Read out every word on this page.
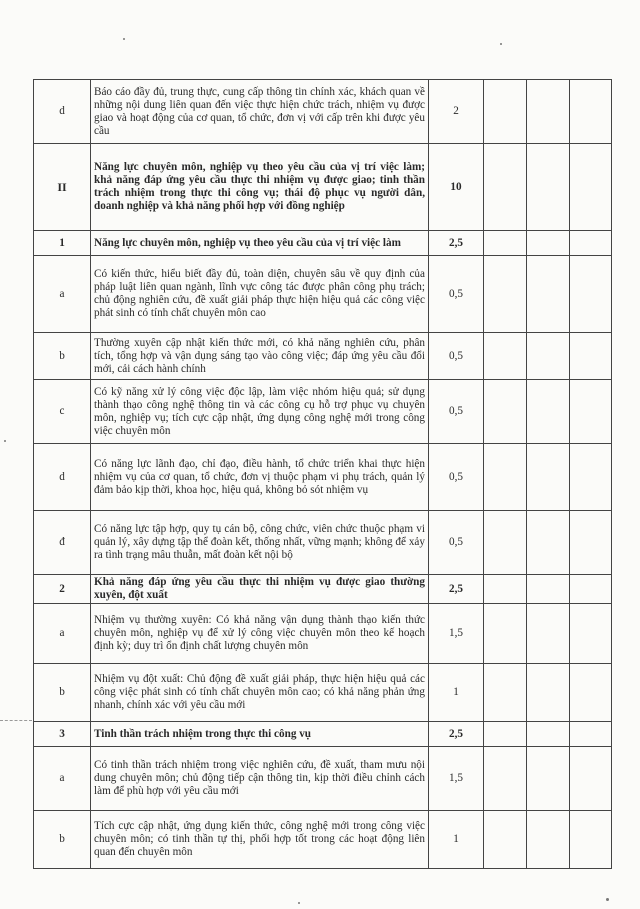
d	Báo cáo đầy đủ, trung thực, cung cấp thông tin chính xác, khách quan về những nội dung liên quan đến việc thực hiện chức trách, nhiệm vụ được giao và hoạt động của cơ quan, tổ chức, đơn vị với cấp trên khi được yêu cầu	2			
II	Năng lực chuyên môn, nghiệp vụ theo yêu cầu của vị trí việc làm; khả năng đáp ứng yêu cầu thực thi nhiệm vụ được giao; tinh thần trách nhiệm trong thực thi công vụ; thái độ phục vụ người dân, doanh nghiệp và khả năng phối hợp với đồng nghiệp	10			
1	Năng lực chuyên môn, nghiệp vụ theo yêu cầu của vị trí việc làm	2,5			
a	Có kiến thức, hiểu biết đầy đủ, toàn diện, chuyên sâu về quy định của pháp luật liên quan ngành, lĩnh vực công tác được phân công phụ trách; chủ động nghiên cứu, đề xuất giải pháp thực hiện hiệu quả các công việc phát sinh có tính chất chuyên môn cao	0,5			
b	Thường xuyên cập nhật kiến thức mới, có khả năng nghiên cứu, phân tích, tổng hợp và vận dụng sáng tạo vào công việc; đáp ứng yêu cầu đổi mới, cải cách hành chính	0,5			
c	Có kỹ năng xử lý công việc độc lập, làm việc nhóm hiệu quả; sử dụng thành thạo công nghệ thông tin và các công cụ hỗ trợ phục vụ chuyên môn, nghiệp vụ; tích cực cập nhật, ứng dụng công nghệ mới trong công việc chuyên môn	0,5			
d	Có năng lực lãnh đạo, chỉ đạo, điều hành, tổ chức triển khai thực hiện nhiệm vụ của cơ quan, tổ chức, đơn vị thuộc phạm vi phụ trách, quản lý đảm bảo kịp thời, khoa học, hiệu quả, không bỏ sót nhiệm vụ	0,5			
đ	Có năng lực tập hợp, quy tụ cán bộ, công chức, viên chức thuộc phạm vi quản lý, xây dựng tập thể đoàn kết, thống nhất, vững mạnh; không để xảy ra tình trạng mâu thuẫn, mất đoàn kết nội bộ	0,5			
2	Khả năng đáp ứng yêu cầu thực thi nhiệm vụ được giao thường xuyên, đột xuất	2,5			
a	Nhiệm vụ thường xuyên: Có khả năng vận dụng thành thạo kiến thức chuyên môn, nghiệp vụ để xử lý công việc chuyên môn theo kế hoạch định kỳ; duy trì ổn định chất lượng chuyên môn	1,5			
b	Nhiệm vụ đột xuất: Chủ động đề xuất giải pháp, thực hiện hiệu quả các công việc phát sinh có tính chất chuyên môn cao; có khả năng phản ứng nhanh, chính xác với yêu cầu mới	1			
3	Tinh thần trách nhiệm trong thực thi công vụ	2,5			
a	Có tinh thần trách nhiệm trong việc nghiên cứu, đề xuất, tham mưu nội dung chuyên môn; chủ động tiếp cận thông tin, kịp thời điều chỉnh cách làm để phù hợp với yêu cầu mới	1,5			
b	Tích cực cập nhật, ứng dụng kiến thức, công nghệ mới trong công việc chuyên môn; có tinh thần tự thị, phối hợp tốt trong các hoạt động liên quan đến chuyên môn	1			
